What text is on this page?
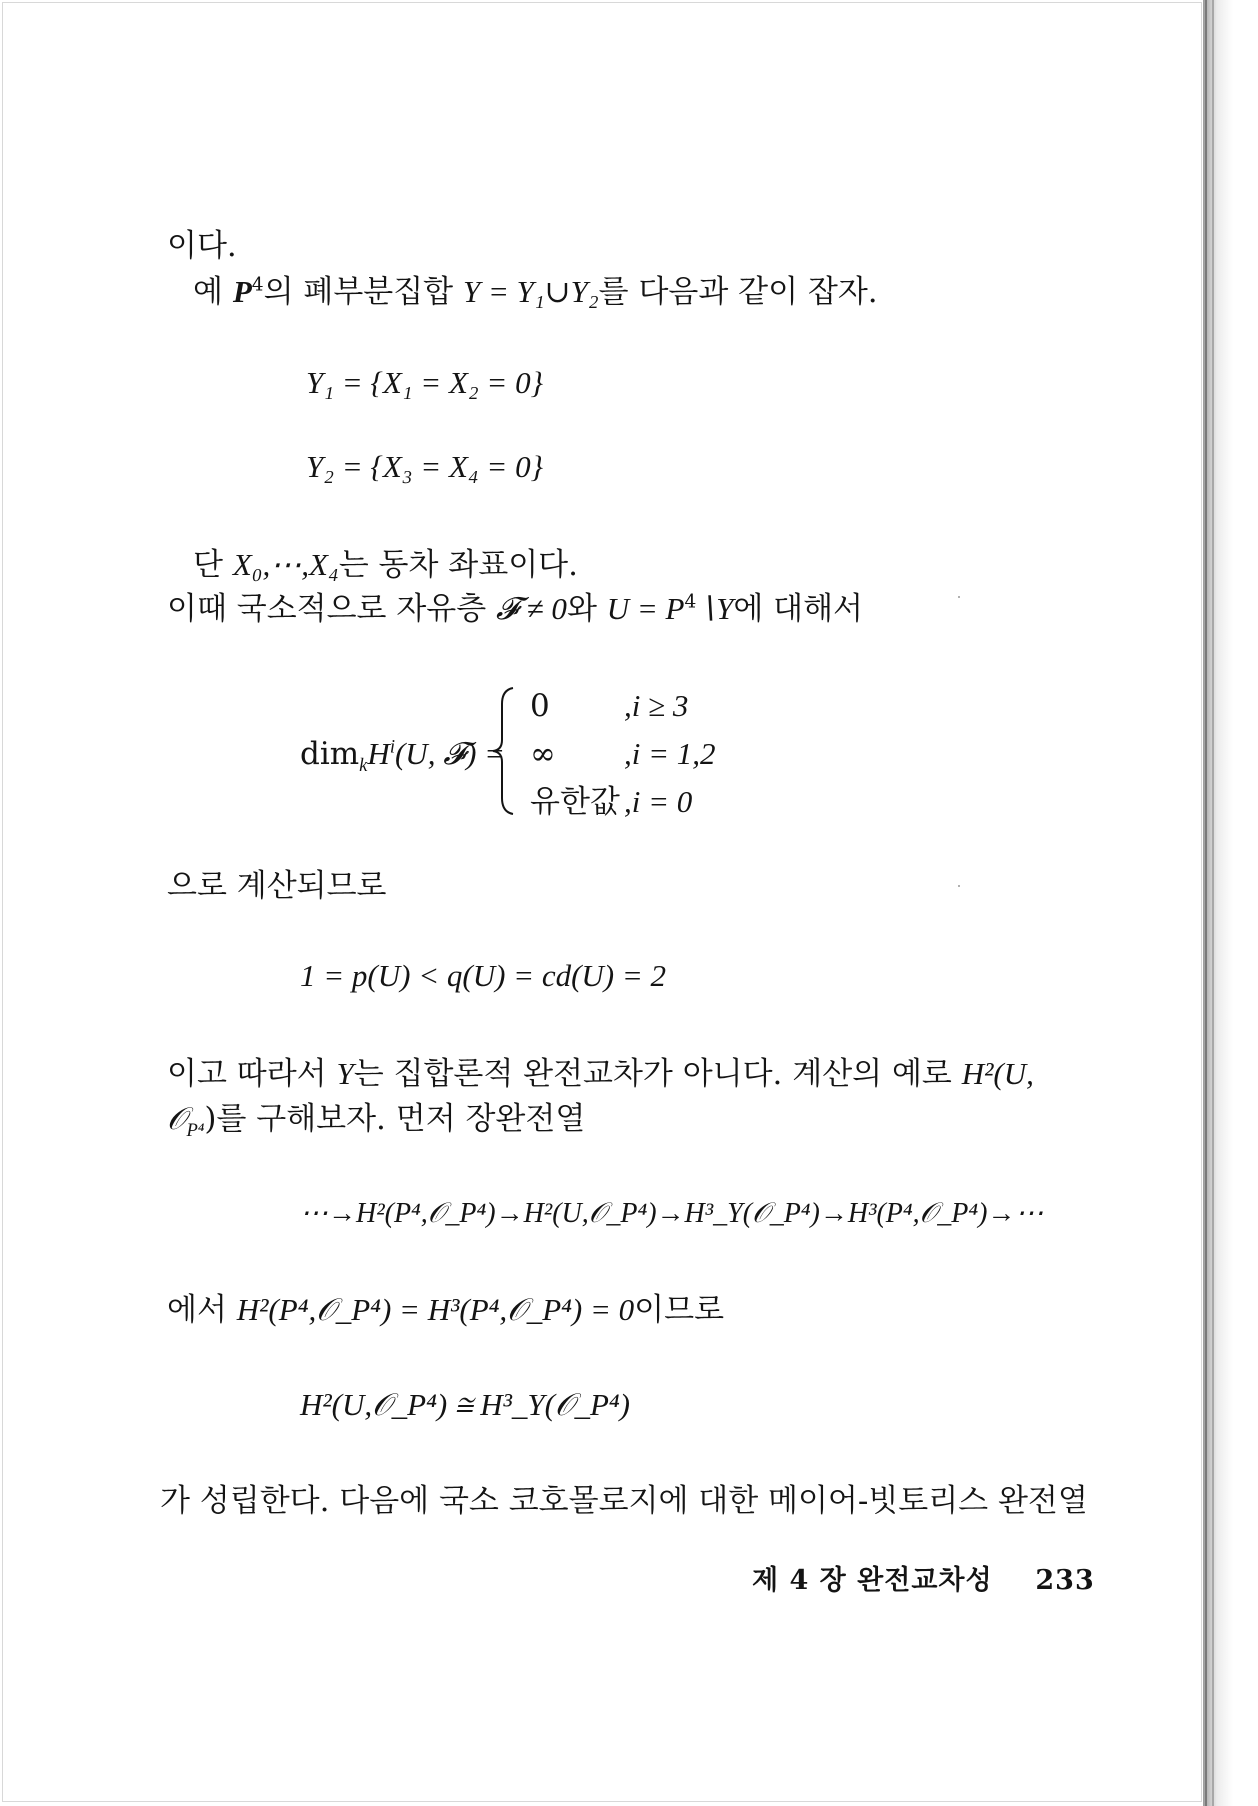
이다.
예 $P^4$의 폐부분집합 Y = Y₁∪Y₂를 다음과 같이 잡자.
Y₁ = {X₁ = X₂ = 0}
Y₂ = {X₃ = X₄ = 0}
단 X₀,⋯,X₄는 동차 좌표이다.
이때 국소적으로 자유층 𝓕 ≠ 0와 $U = P^4∖Y$에 대해서
$dim_kH^i(U$, 𝓕) =
0 ,i ≥ 3
∞ ,i = 1,2
유한값 ,i = 0
으로 계산되므로
1 = p(U) < q(U) = cd(U) = 2
이고 따라서 Y는 집합론적 완전교차가 아니다. 계산의 예로 H²(U,
𝒪$_{P^4}$)를 구해보자. 먼저 장완전열
⋯→H²(P⁴,𝒪_P⁴)→H²(U,𝒪_P⁴)→H³_Y(𝒪_P⁴)→H³(P⁴,𝒪_P⁴)→⋯
에서 H²(P⁴,𝒪_P⁴) = H³(P⁴,𝒪_P⁴) = 0이므로
H²(U,𝒪_P⁴) ≅ H³_Y(𝒪_P⁴)
가 성립한다. 다음에 국소 코호몰로지에 대한 메이어-빗토리스 완전열
제 4 장 완전교차성 233
